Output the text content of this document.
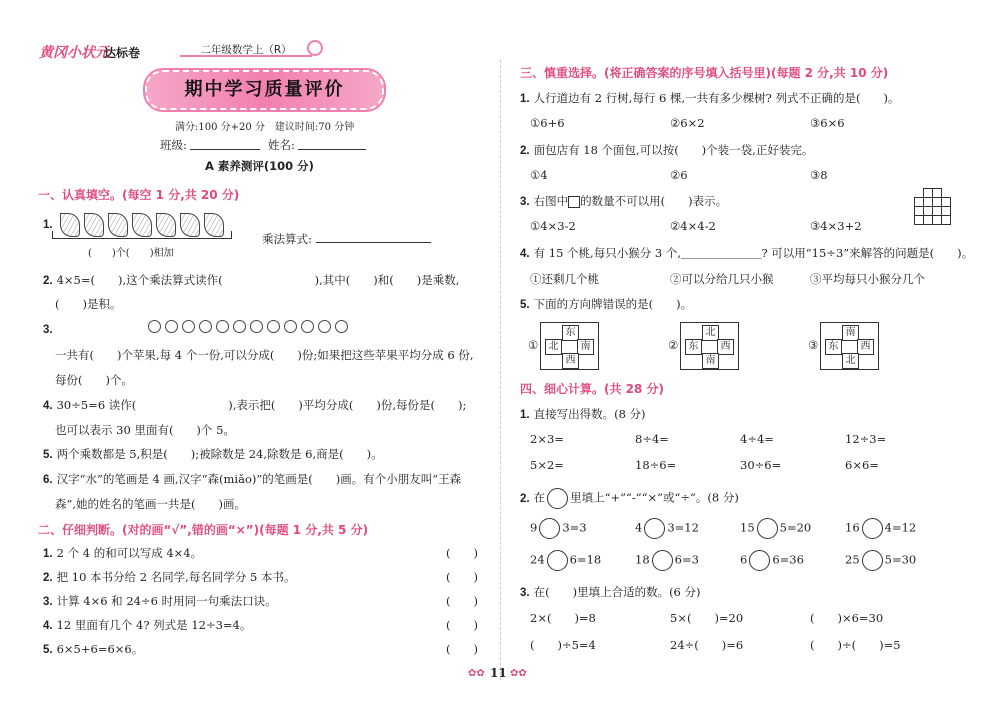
黄冈小状元
达标卷	二年级数学上（R）
期中学习质量评价
满分:100 分+20 分　建议时间:70 分钟
班级:	姓名:
A 素养测评(100 分)
一、认真填空。(每空 1 分,共 20 分)
1.
(　　)个(　　)相加
乘法算式:
2. 4×5=(　　),这个乘法算式读作(　　　　　　　　),其中(　　)和(　　)是乘数,
(　　)是积。
3.
一共有(　　)个苹果,每 4 个一份,可以分成(　　)份;如果把这些苹果平均分成 6 份,
每份(　　)个。
4. 30÷5=6 读作(　　　　　　　　),表示把(　　)平均分成(　　)份,每份是(　　);
也可以表示 30 里面有(　　)个 5。
5. 两个乘数都是 5,积是(　　);被除数是 24,除数是 6,商是(　　)。
6. 汉字“水”的笔画是 4 画,汉字“森(miǎo)”的笔画是(　　)画。有个小朋友叫“王森
森”,她的姓名的笔画一共是(　　)画。
二、仔细判断。(对的画“√”,错的画“×”)(每题 1 分,共 5 分)
1. 2 个 4 的和可以写成 4×4。	(　　)
2. 把 10 本书分给 2 名同学,每名同学分 5 本书。	(　　)
3. 计算 4×6 和 24÷6 时用同一句乘法口诀。	(　　)
4. 12 里面有几个 4? 列式是 12÷3=4。	(　　)
5. 6×5+6=6×6。	(　　)
三、慎重选择。(将正确答案的序号填入括号里)(每题 2 分,共 10 分)
1. 人行道边有 2 行树,每行 6 棵,一共有多少棵树? 列式不正确的是(　　)。
①6+6	②6×2	③6×6
2. 面包店有 18 个面包,可以按(　　)个装一袋,正好装完。
①4	②6	③8
3. 右图中 的数量不可以用(　　)表示。
①4×3-2	②4×4-2	③4×3+2
4. 有 15 个桃,每只小猴分 3 个,＿＿＿＿＿＿＿? 可以用“15÷3”来解答的问题是(　　)。
①还剩几个桃	②可以分给几只小猴	③平均每只小猴分几个
5. 下面的方向牌错误的是(　　)。
①
东
北	南
西
②
北
东	西
南
③
南
东	西
北
四、细心计算。(共 28 分)
1. 直接写出得数。(8 分)
2×3=	8÷4=	4÷4=	12÷3=
5×2=	18÷6=	30÷6=	6×6=
2. 在 里填上“+”“-”“×”或“÷”。(8 分)
9 3=3	4 3=12	15 5=20	16 4=12
24 6=18	18 6=3	6 6=36	25 5=30
3. 在(　　)里填上合适的数。(6 分)
2×(　　)=8	5×(　　)=20	(　　)×6=30
(　　)÷5=4	24÷(　　)=6	(　　)÷(　　)=5
✿✿ 11 ✿✿
